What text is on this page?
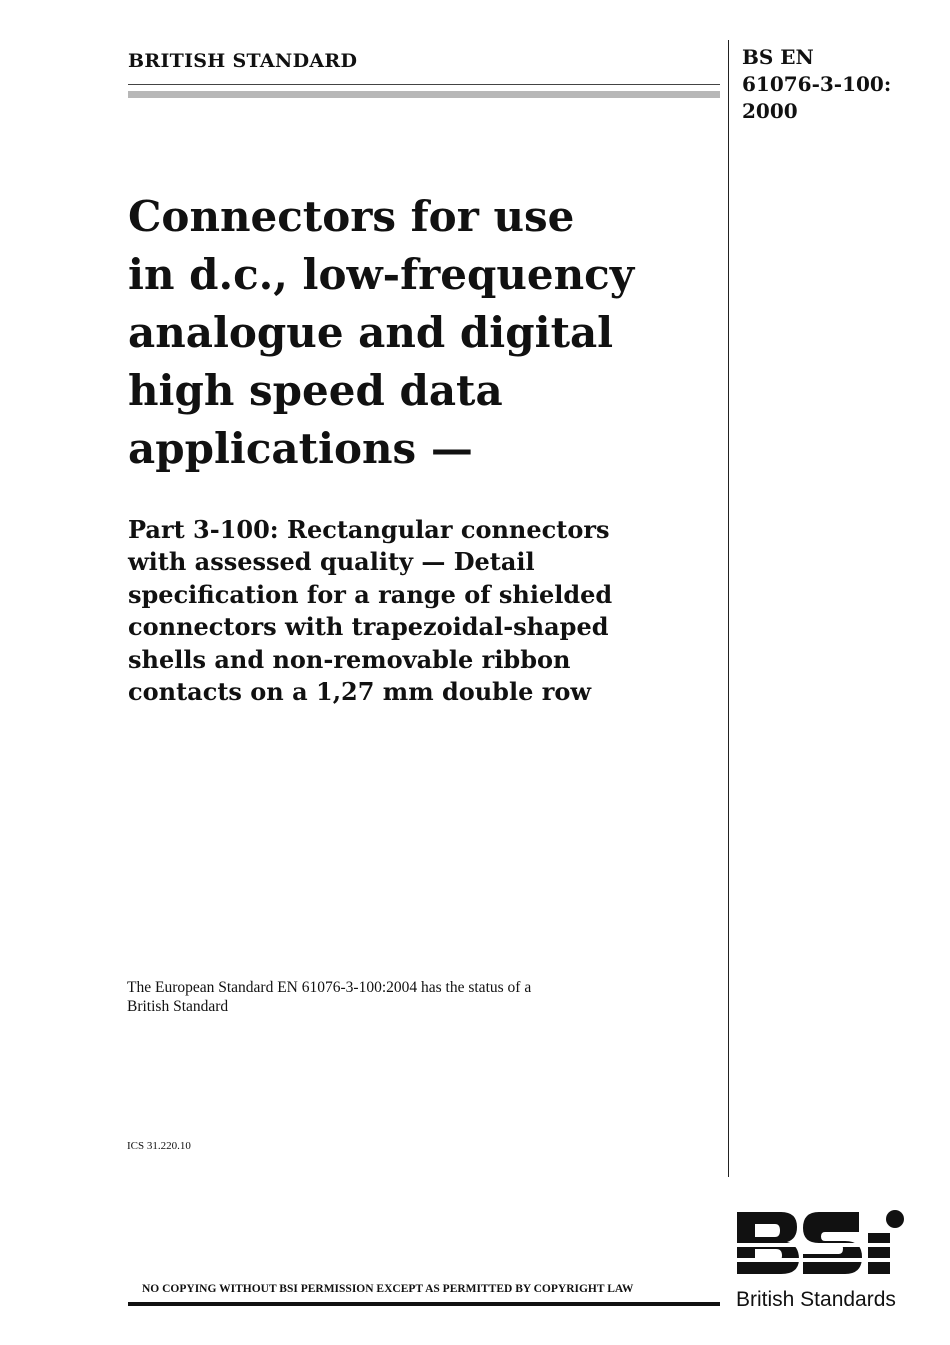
BRITISH STANDARD	BS EN
61076-3-100:
2000
Connectors for use
in d.c., low-frequency
analogue and digital
high speed data
applications —
Part 3-100: Rectangular connectors
with assessed quality — Detail
specification for a range of shielded
connectors with trapezoidal-shaped
shells and non-removable ribbon
contacts on a 1,27 mm double row
The European Standard EN 61076-3-100:2004 has the status of a
British Standard
ICS 31.220.10
NO COPYING WITHOUT BSI PERMISSION EXCEPT AS PERMITTED BY COPYRIGHT LAW	British Standards
